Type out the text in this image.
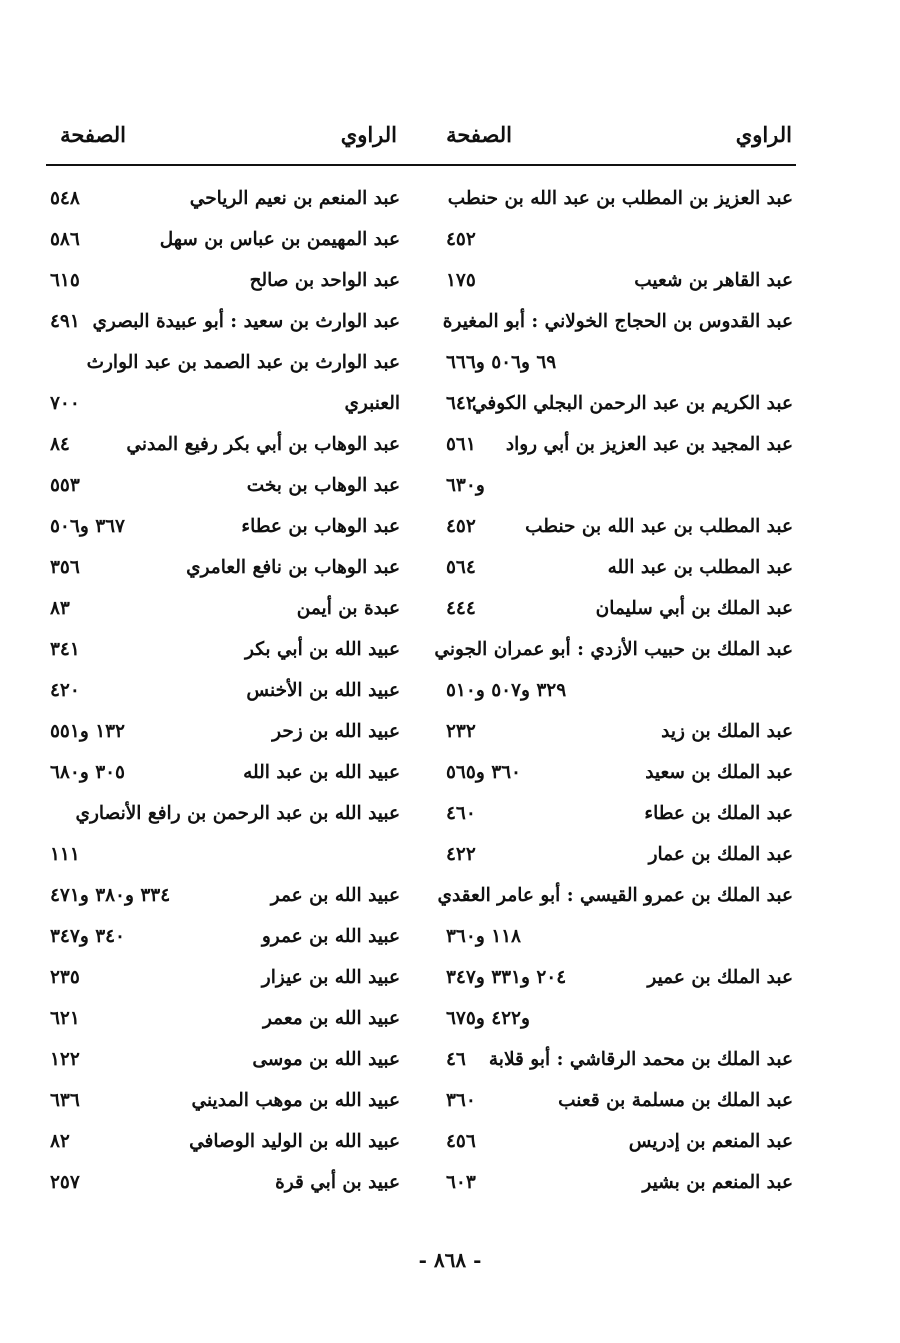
الراوي
الصفحة
الراوي
الصفحة
عبد العزيز بن المطلب بن عبد الله بن حنطب
٤٥٢
عبد القاهر بن شعيب
١٧٥
عبد القدوس بن الحجاج الخولاني : أبو المغيرة
٦٩ و٥٠٦ و٦٦٦
عبد الكريم بن عبد الرحمن البجلي الكوفي
٦٤٢
عبد المجيد بن عبد العزيز بن أبي رواد
٥٦١
و٦٣٠
عبد المطلب بن عبد الله بن حنطب
٤٥٢
عبد المطلب بن عبد الله
٥٦٤
عبد الملك بن أبي سليمان
٤٤٤
عبد الملك بن حبيب الأزدي : أبو عمران الجوني
٣٢٩ و٥٠٧ و٥١٠
عبد الملك بن زيد
٢٣٢
عبد الملك بن سعيد
٣٦٠ و٥٦٥
عبد الملك بن عطاء
٤٦٠
عبد الملك بن عمار
٤٢٢
عبد الملك بن عمرو القيسي : أبو عامر العقدي
١١٨ و٣٦٠
عبد الملك بن عمير
٢٠٤ و٣٣١ و٣٤٧
و٤٢٢ و٦٧٥
عبد الملك بن محمد الرقاشي : أبو قلابة
٤٦
عبد الملك بن مسلمة بن قعنب
٣٦٠
عبد المنعم بن إدريس
٤٥٦
عبد المنعم بن بشير
٦٠٣
عبد المنعم بن نعيم الرياحي
٥٤٨
عبد المهيمن بن عباس بن سهل
٥٨٦
عبد الواحد بن صالح
٦١٥
عبد الوارث بن سعيد : أبو عبيدة البصري
٤٩١
عبد الوارث بن عبد الصمد بن عبد الوارث
العنبري
٧٠٠
عبد الوهاب بن أبي بكر رفيع المدني
٨٤
عبد الوهاب بن بخت
٥٥٣
عبد الوهاب بن عطاء
٣٦٧ و٥٠٦
عبد الوهاب بن نافع العامري
٣٥٦
عبدة بن أيمن
٨٣
عبيد الله بن أبي بكر
٣٤١
عبيد الله بن الأخنس
٤٢٠
عبيد الله بن زحر
١٣٢ و٥٥١
عبيد الله بن عبد الله
٣٠٥ و٦٨٠
عبيد الله بن عبد الرحمن بن رافع الأنصاري
١١١
عبيد الله بن عمر
٣٣٤ و٣٨٠ و٤٧١
عبيد الله بن عمرو
٣٤٠ و٣٤٧
عبيد الله بن عيزار
٢٣٥
عبيد الله بن معمر
٦٢١
عبيد الله بن موسى
١٢٢
عبيد الله بن موهب المديني
٦٣٦
عبيد الله بن الوليد الوصافي
٨٢
عبيد بن أبي قرة
٢٥٧
- ٨٦٨ -
